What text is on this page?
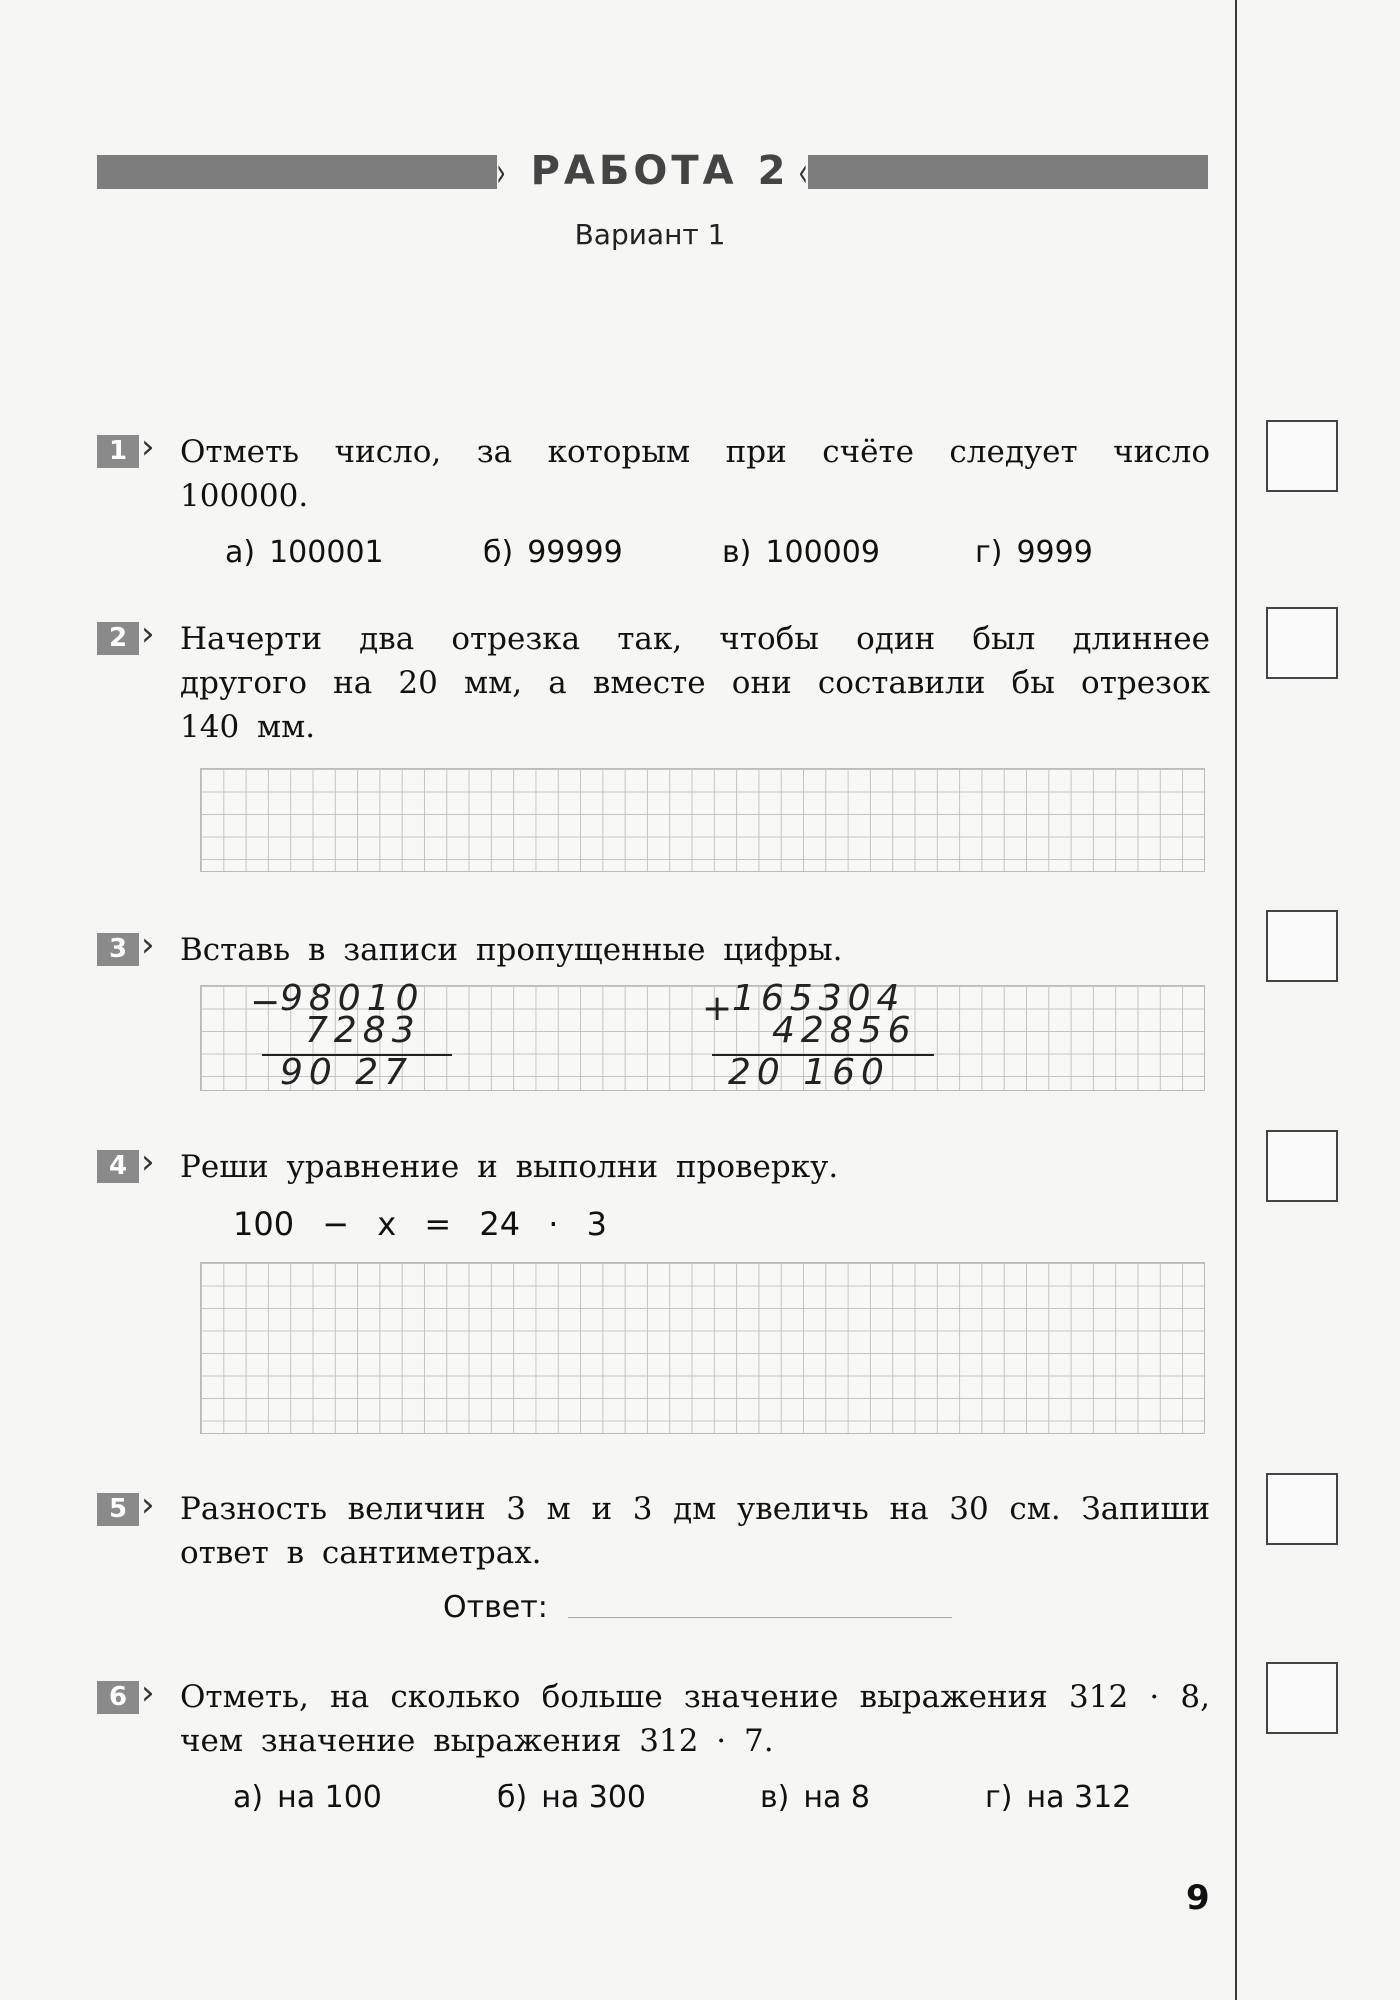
› РАБОТА 2 ‹
Вариант 1
1 ›	Отметь число, за которым при счёте следует число 100000.
а) 100001	б) 99999	в) 100009	г) 9999
2 ›	Начерти два отрезка так, чтобы один был длиннее другого на 20 мм, а вместе они составили бы отрезок 140 мм.
3 ›	Вставь в записи пропущенные цифры.
−
98010
7283
90 27
+
165304
42856
20 160
4 ›	Реши уравнение и выполни проверку.
100 − x = 24 · 3
5 ›	Разность величин 3 м и 3 дм увеличь на 30 см. Запиши ответ в сантиметрах.
Ответ:
6 ›	Отметь, на сколько больше значение выражения 312 · 8, чем значение выражения 312 · 7.
а) на 100	б) на 300	в) на 8	г) на 312
9
